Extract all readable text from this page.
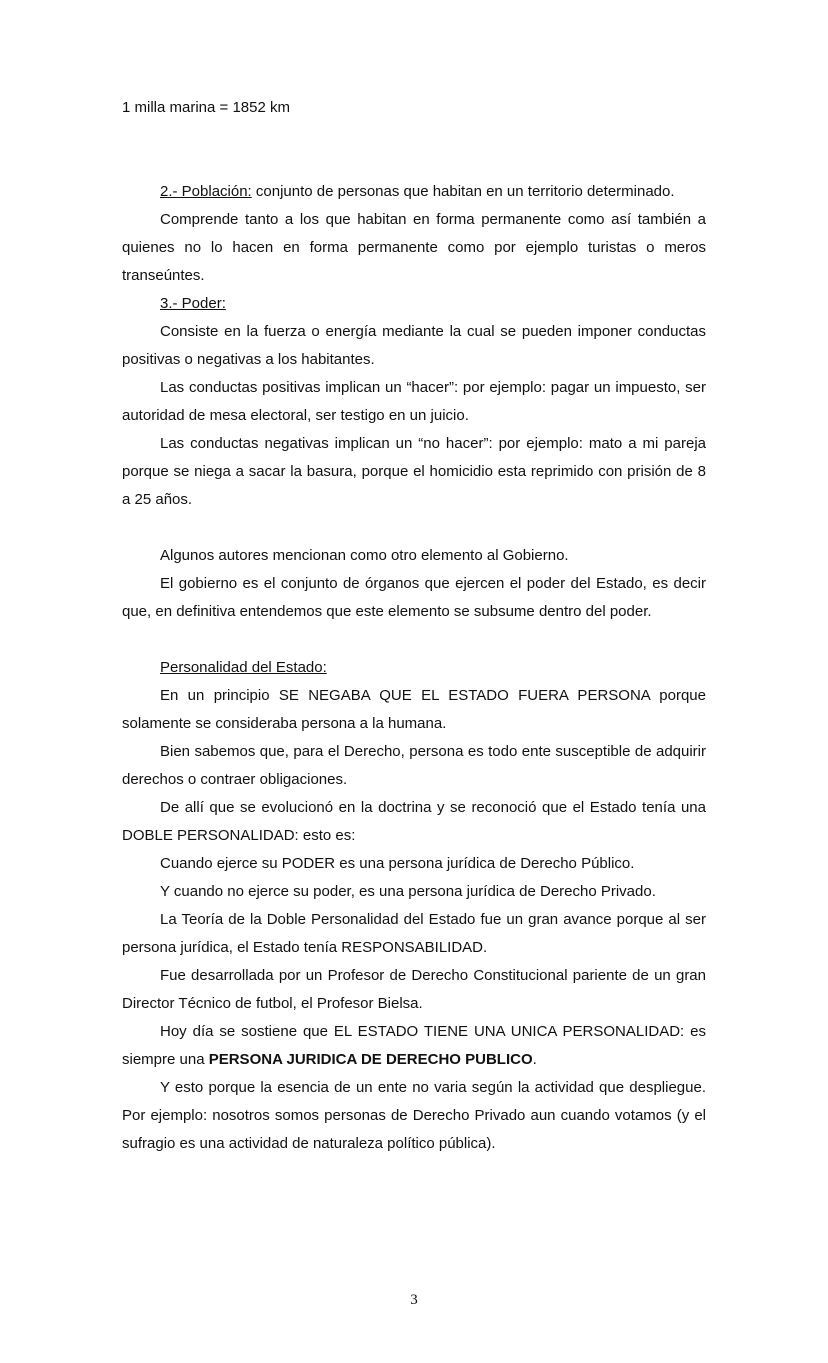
1 milla marina = 1852 km

2.- Población: conjunto de personas que habitan en un territorio determinado.

Comprende tanto a los que habitan en forma permanente como así también a quienes no lo hacen en forma permanente como por ejemplo turistas o meros transeúntes.

3.- Poder:

Consiste en la fuerza o energía mediante la cual se pueden imponer conductas positivas o negativas a los habitantes.

Las conductas positivas implican un “hacer”: por ejemplo: pagar un impuesto, ser autoridad de mesa electoral, ser testigo en un juicio.

Las conductas negativas implican un “no hacer”: por ejemplo: mato a mi pareja porque se niega a sacar la basura, porque el homicidio esta reprimido con prisión de 8 a 25 años.

Algunos autores mencionan como otro elemento al Gobierno.

El gobierno es el conjunto de órganos que ejercen el poder del Estado, es decir que, en definitiva entendemos que este elemento se subsume dentro del poder.

Personalidad del Estado:

En un principio SE NEGABA QUE EL ESTADO FUERA PERSONA porque solamente se consideraba persona a la humana.

Bien sabemos que, para el Derecho, persona es todo ente susceptible de adquirir derechos o contraer obligaciones.

De allí que se evolucionó en la doctrina y se reconoció que el Estado tenía una DOBLE PERSONALIDAD: esto es:

Cuando ejerce su PODER es una persona jurídica de Derecho Público.

Y cuando no ejerce su poder, es una persona jurídica de Derecho Privado.

La Teoría de la Doble Personalidad del Estado fue un gran avance porque al ser persona jurídica, el Estado tenía RESPONSABILIDAD.

Fue desarrollada por un Profesor de Derecho Constitucional pariente de un gran Director Técnico de futbol, el Profesor Bielsa.

Hoy día se sostiene que EL ESTADO TIENE UNA UNICA PERSONALIDAD: es siempre una PERSONA JURIDICA DE DERECHO PUBLICO.

Y esto porque la esencia de un ente no varia según la actividad que despliegue. Por ejemplo: nosotros somos personas de Derecho Privado aun cuando votamos (y el sufragio es una actividad de naturaleza político pública).

3
